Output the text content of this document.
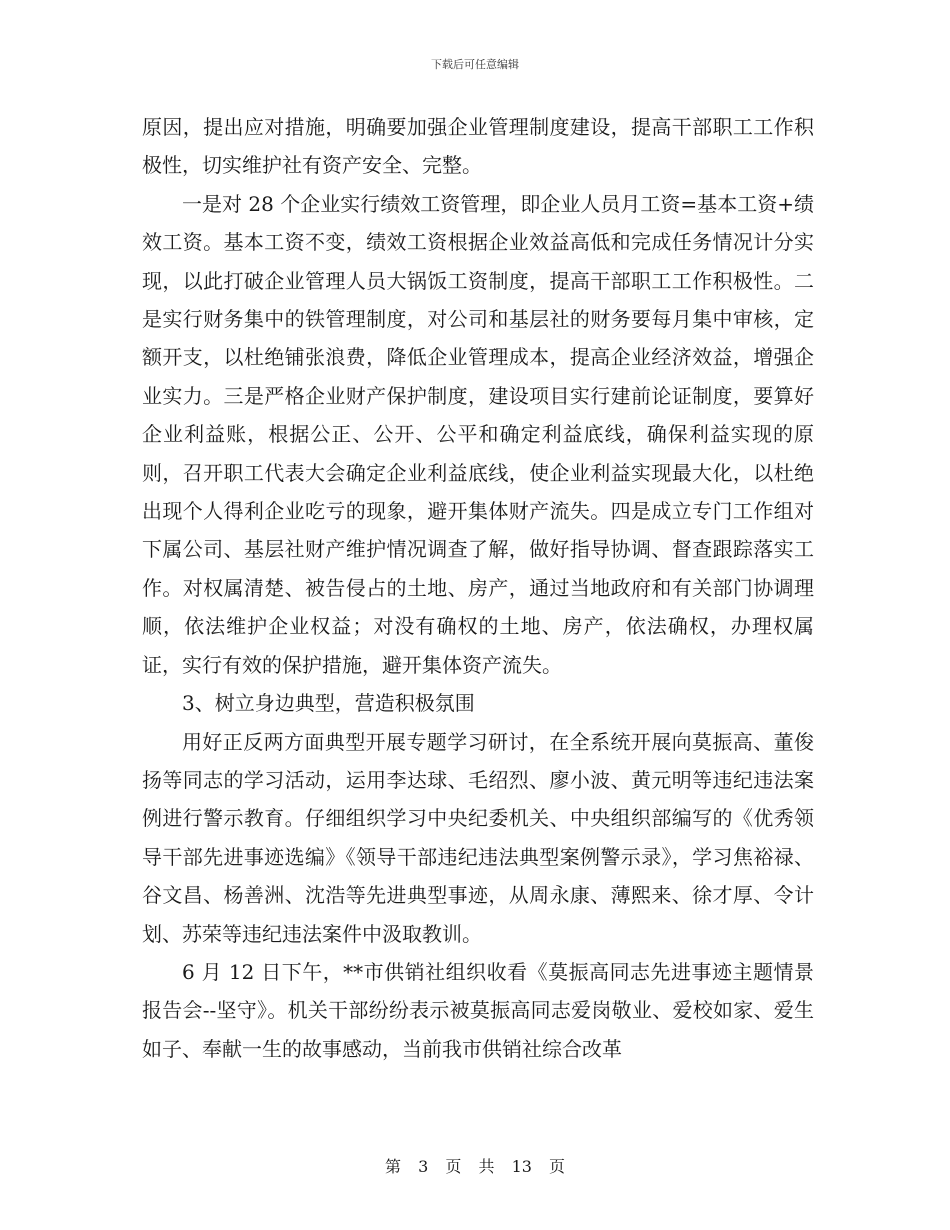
下载后可任意编辑

原因，提出应对措施，明确要加强企业管理制度建设，提高干部职工工作积极性，切实维护社有资产安全、完整。

一是对 28 个企业实行绩效工资管理，即企业人员月工资=基本工资+绩效工资。基本工资不变，绩效工资根据企业效益高低和完成任务情况计分实现，以此打破企业管理人员大锅饭工资制度，提高干部职工工作积极性。二是实行财务集中的铁管理制度，对公司和基层社的财务要每月集中审核，定额开支，以杜绝铺张浪费，降低企业管理成本，提高企业经济效益，增强企业实力。三是严格企业财产保护制度，建设项目实行建前论证制度，要算好企业利益账，根据公正、公开、公平和确定利益底线，确保利益实现的原则，召开职工代表大会确定企业利益底线，使企业利益实现最大化，以杜绝出现个人得利企业吃亏的现象，避开集体财产流失。四是成立专门工作组对下属公司、基层社财产维护情况调查了解，做好指导协调、督查跟踪落实工作。对权属清楚、被告侵占的土地、房产，通过当地政府和有关部门协调理顺，依法维护企业权益；对没有确权的土地、房产，依法确权，办理权属证，实行有效的保护措施，避开集体资产流失。

3、树立身边典型，营造积极氛围

用好正反两方面典型开展专题学习研讨，在全系统开展向莫振高、董俊扬等同志的学习活动，运用李达球、毛绍烈、廖小波、黄元明等违纪违法案例进行警示教育。仔细组织学习中央纪委机关、中央组织部编写的《优秀领导干部先进事迹选编》《领导干部违纪违法典型案例警示录》，学习焦裕禄、谷文昌、杨善洲、沈浩等先进典型事迹，从周永康、薄熙来、徐才厚、令计划、苏荣等违纪违法案件中汲取教训。

6 月 12 日下午，**市供销社组织收看《莫振高同志先进事迹主题情景报告会--坚守》。机关干部纷纷表示被莫振高同志爱岗敬业、爱校如家、爱生如子、奉献一生的故事感动，当前我市供销社综合改革

第 3 页 共 13 页
